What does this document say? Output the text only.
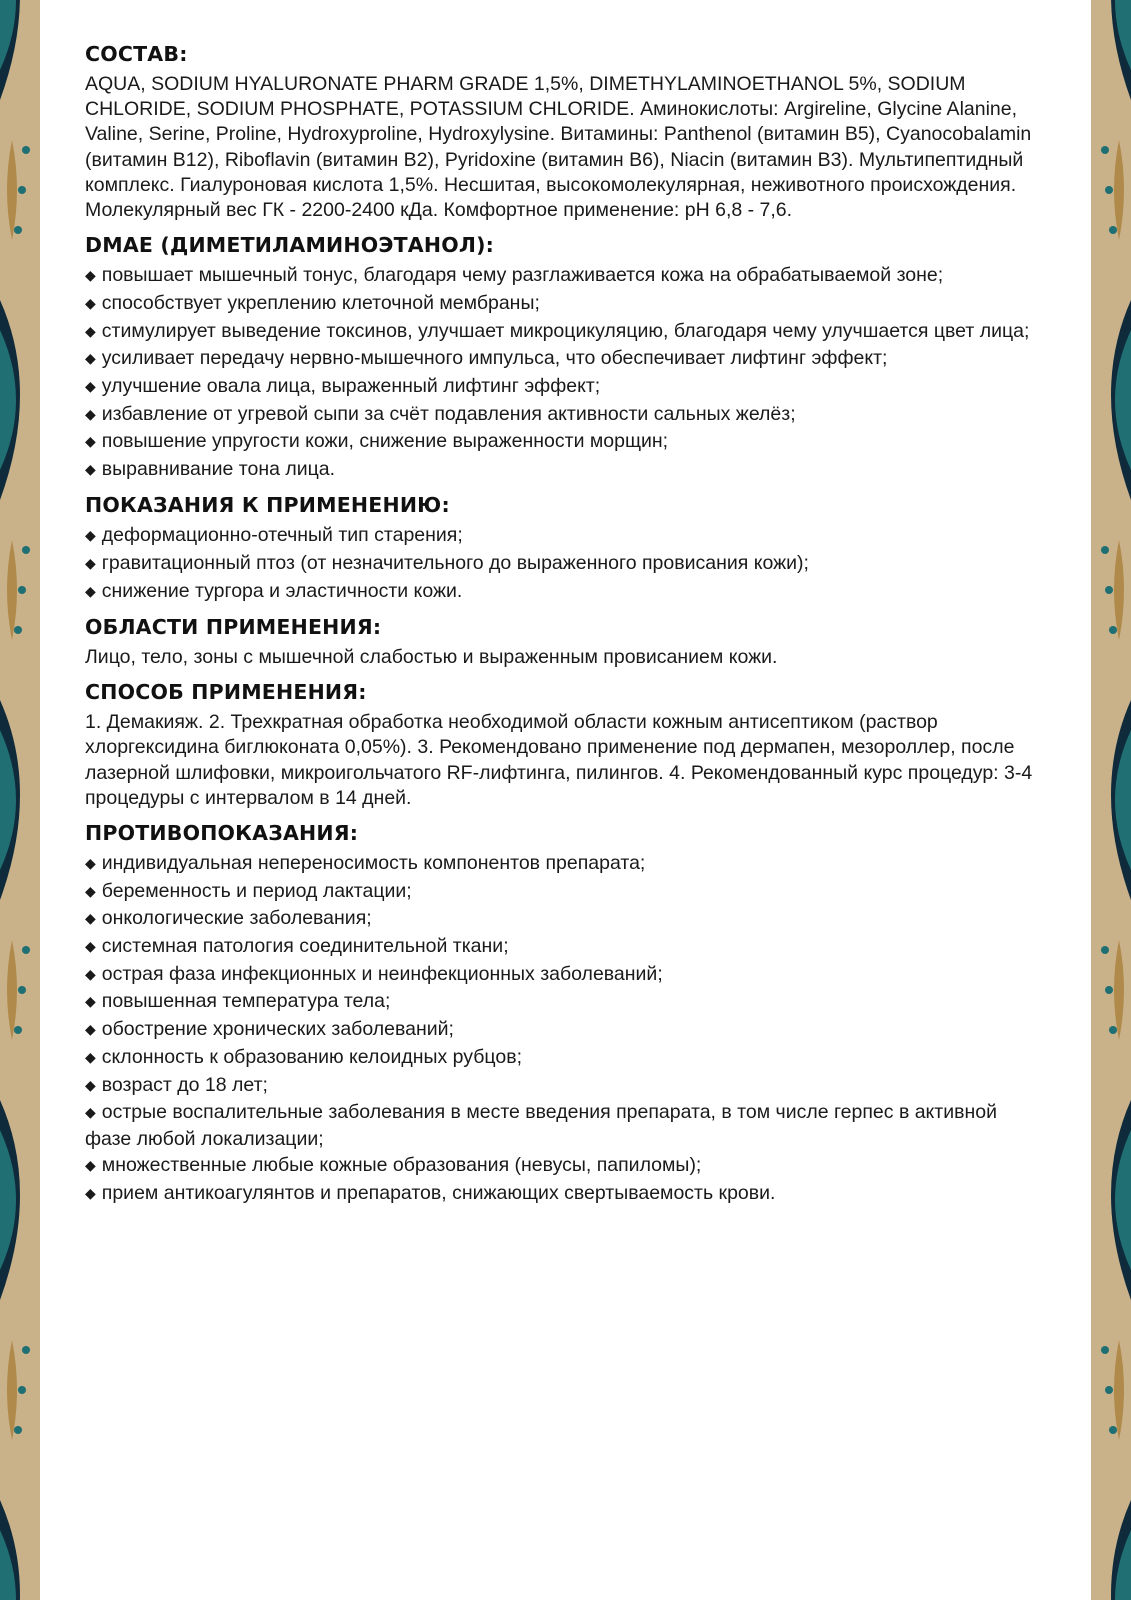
СОСТАВ:
AQUA, SODIUM HYALURONATE PHARM GRADE 1,5%, DIMETHYLAMINOETHANOL 5%, SODIUM CHLORIDE, SODIUM PHOSPHATE, POTASSIUM CHLORIDE. Аминокислоты: Argireline, Glycine Alanine, Valine, Serine, Proline, Hydroxyproline, Hydroxylysine. Витамины: Panthenol (витамин В5), Cyanocobalamin (витамин В12), Riboflavin (витамин В2), Pyridoxine (витамин В6), Niacin (витамин В3). Мультипептидный комплекс. Гиалуроновая кислота 1,5%. Несшитая, высокомолекулярная, неживотного происхождения. Молекулярный вес ГК - 2200-2400 кДа. Комфортное применение: pH 6,8 - 7,6.
DMAE (ДИМЕТИЛАМИНОЭТАНОЛ):
◆ повышает мышечный тонус, благодаря чему разглаживается кожа на обрабатываемой зоне;
◆ способствует укреплению клеточной мембраны;
◆ стимулирует выведение токсинов, улучшает микроцикуляцию, благодаря чему улучшается цвет лица;
◆ усиливает передачу нервно-мышечного импульса, что обеспечивает лифтинг эффект;
◆ улучшение овала лица, выраженный лифтинг эффект;
◆ избавление от угревой сыпи за счёт подавления активности сальных желёз;
◆ повышение упругости кожи, снижение выраженности морщин;
◆ выравнивание тона лица.
ПОКАЗАНИЯ К ПРИМЕНЕНИЮ:
◆ деформационно-отечный тип старения;
◆ гравитационный птоз (от незначительного до выраженного провисания кожи);
◆ снижение тургора и эластичности кожи.
ОБЛАСТИ ПРИМЕНЕНИЯ:
Лицо, тело, зоны с мышечной слабостью и выраженным провисанием кожи.
СПОСОБ ПРИМЕНЕНИЯ:
1. Демакияж. 2. Трехкратная обработка необходимой области кожным антисептиком (раствор хлоргексидина биглюконата 0,05%). 3. Рекомендовано применение под дермапен, мезороллер, после лазерной шлифовки, микроигольчатого RF-лифтинга, пилингов. 4. Рекомендованный курс процедур: 3-4 процедуры с интервалом в 14 дней.
ПРОТИВОПОКАЗАНИЯ:
◆ индивидуальная непереносимость компонентов препарата;
◆ беременность и период лактации;
◆ онкологические заболевания;
◆ системная патология соединительной ткани;
◆ острая фаза инфекционных и неинфекционных заболеваний;
◆ повышенная температура тела;
◆ обострение хронических заболеваний;
◆ склонность к образованию келоидных рубцов;
◆ возраст до 18 лет;
◆ острые воспалительные заболевания в месте введения препарата, в том числе герпес в активной фазе любой локализации;
◆ множественные любые кожные образования (невусы, папиломы);
◆ прием антикоагулянтов и препаратов, снижающих свертываемость крови.
